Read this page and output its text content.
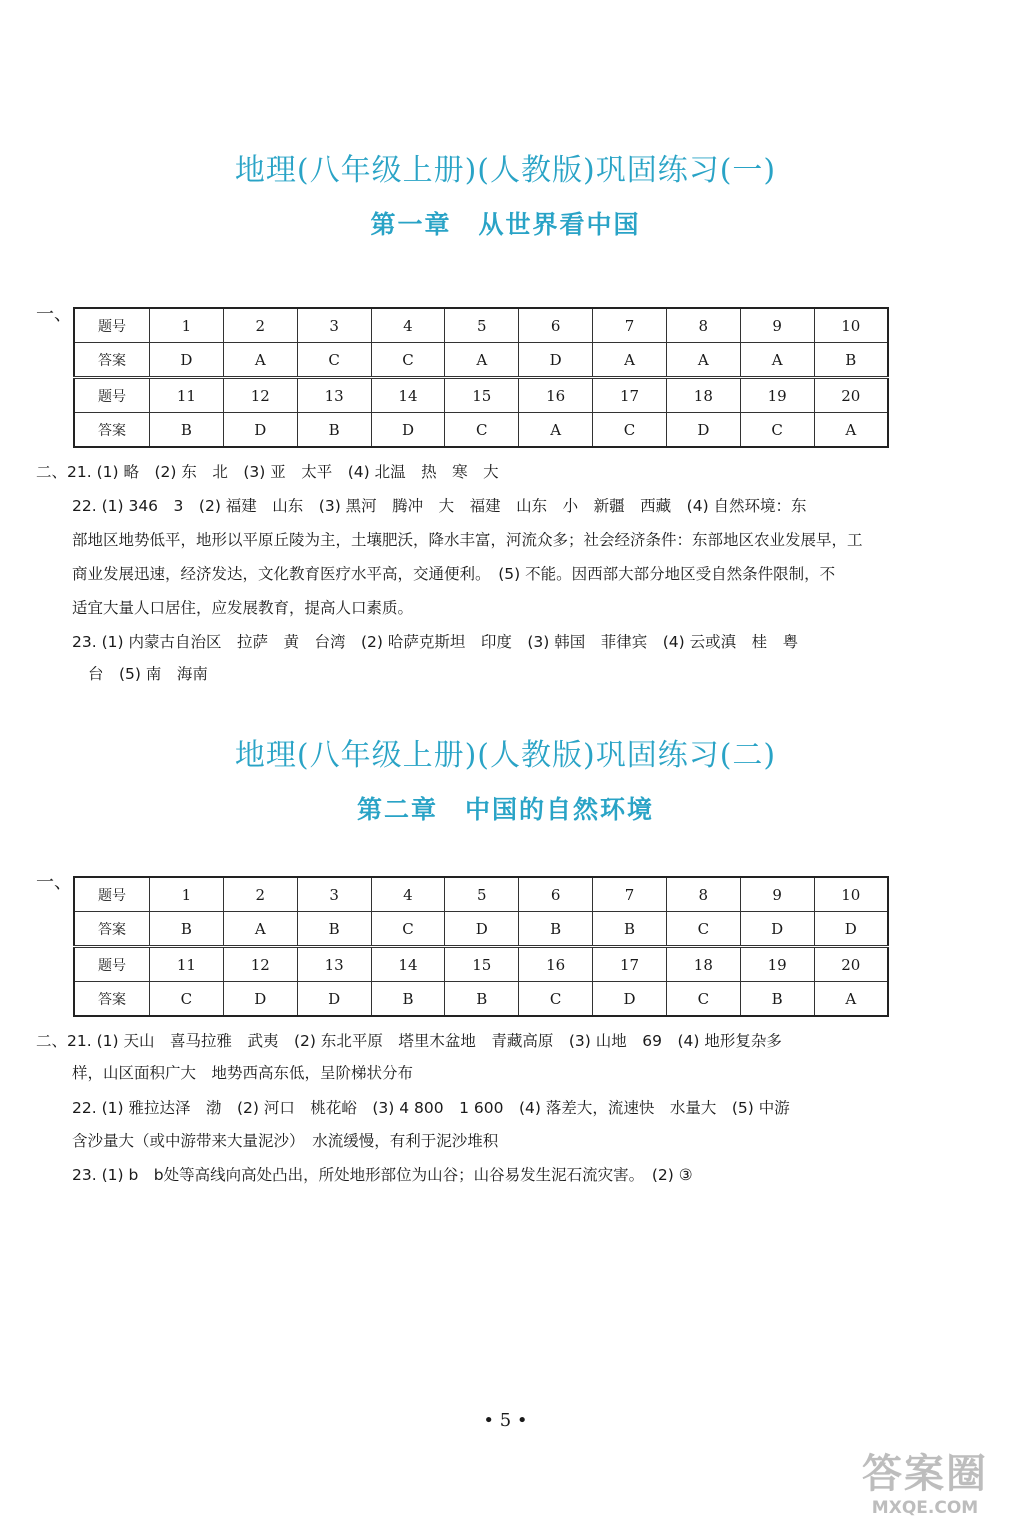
地理(八年级上册)(人教版)巩固练习(一)
第一章　从世界看中国
一、
题号	1	2	3	4	5	6	7	8	9	10
答案	D	A	C	C	A	D	A	A	A	B
题号	11	12	13	14	15	16	17	18	19	20
答案	B	D	B	D	C	A	C	D	C	A
二、21. (1) 略　(2) 东　北　(3) 亚　太平　(4) 北温　热　寒　大
22. (1) 346　3　(2) 福建　山东　(3) 黑河　腾冲　大　福建　山东　小　新疆　西藏　(4) 自然环境：东
部地区地势低平，地形以平原丘陵为主，土壤肥沃，降水丰富，河流众多；社会经济条件：东部地区农业发展早，工
商业发展迅速，经济发达，文化教育医疗水平高，交通便利。　(5) 不能。因西部大部分地区受自然条件限制，不
适宜大量人口居住，应发展教育，提高人口素质。
23. (1) 内蒙古自治区　拉萨　黄　台湾　(2) 哈萨克斯坦　印度　(3) 韩国　菲律宾　(4) 云或滇　桂　粤
台　(5) 南　海南
地理(八年级上册)(人教版)巩固练习(二)
第二章　中国的自然环境
一、
题号	1	2	3	4	5	6	7	8	9	10
答案	B	A	B	C	D	B	B	C	D	D
题号	11	12	13	14	15	16	17	18	19	20
答案	C	D	D	B	B	C	D	C	B	A
二、21. (1) 天山　喜马拉雅　武夷　(2) 东北平原　塔里木盆地　青藏高原　(3) 山地　69　(4) 地形复杂多
样，山区面积广大　地势西高东低，呈阶梯状分布
22. (1) 雅拉达泽　渤　(2) 河口　桃花峪　(3) 4 800　1 600　(4) 落差大，流速快　水量大　(5) 中游
含沙量大（或中游带来大量泥沙）　水流缓慢，有利于泥沙堆积
23. (1) b　b处等高线向高处凸出，所处地形部位为山谷；山谷易发生泥石流灾害。　(2) ③
• 5 •
答案圈
MXQE.COM
